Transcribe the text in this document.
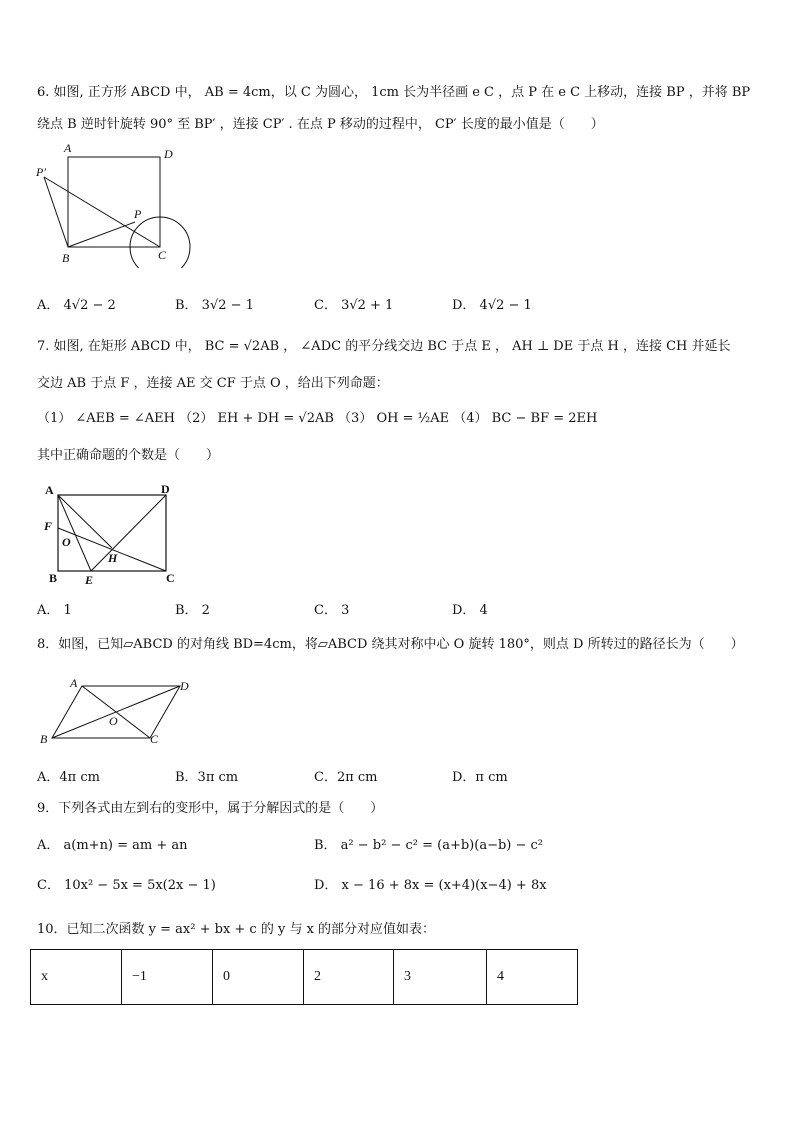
6. 如图, 正方形 ABCD 中， AB = 4cm，以 C 为圆心， 1cm 长为半径画 e C ，点 P 在 e C 上移动，连接 BP ，并将 BP
绕点 B 逆时针旋转 90° 至 BP′ ，连接 CP′ . 在点 P 移动的过程中， CP′ 长度的最小值是（　　）
A	D
P′
P
B	C
A． 4√2 − 2	B． 3√2 − 1	C． 3√2 + 1	D． 4√2 − 1
7. 如图, 在矩形 ABCD 中， BC = √2AB ， ∠ADC 的平分线交边 BC 于点 E ， AH ⊥ DE 于点 H ，连接 CH 并延长
交边 AB 于点 F ，连接 AE 交 CF 于点 O ，给出下列命题：
（1） ∠AEB = ∠AEH （2） EH + DH = √2AB （3） OH = ½AE （4） BC − BF = 2EH
其中正确命题的个数是（　　）
A	D
F
O
H
B E	C
A． 1	B． 2	C． 3	D． 4
8．如图，已知▱ABCD 的对角线 BD=4cm，将▱ABCD 绕其对称中心 O 旋转 180°，则点 D 所转过的路径长为（　　）
A	D
O
B	C
A．4π cm	B．3π cm	C．2π cm	D．π cm
9．下列各式由左到右的变形中，属于分解因式的是（　　）
A． a(m+n) = am + an	B． a² − b² − c² = (a+b)(a−b) − c²
C． 10x² − 5x = 5x(2x − 1)	D． x − 16 + 8x = (x+4)(x−4) + 8x
10．已知二次函数 y = ax² + bx + c 的 y 与 x 的部分对应值如表：
x	−1	0	2	3	4
